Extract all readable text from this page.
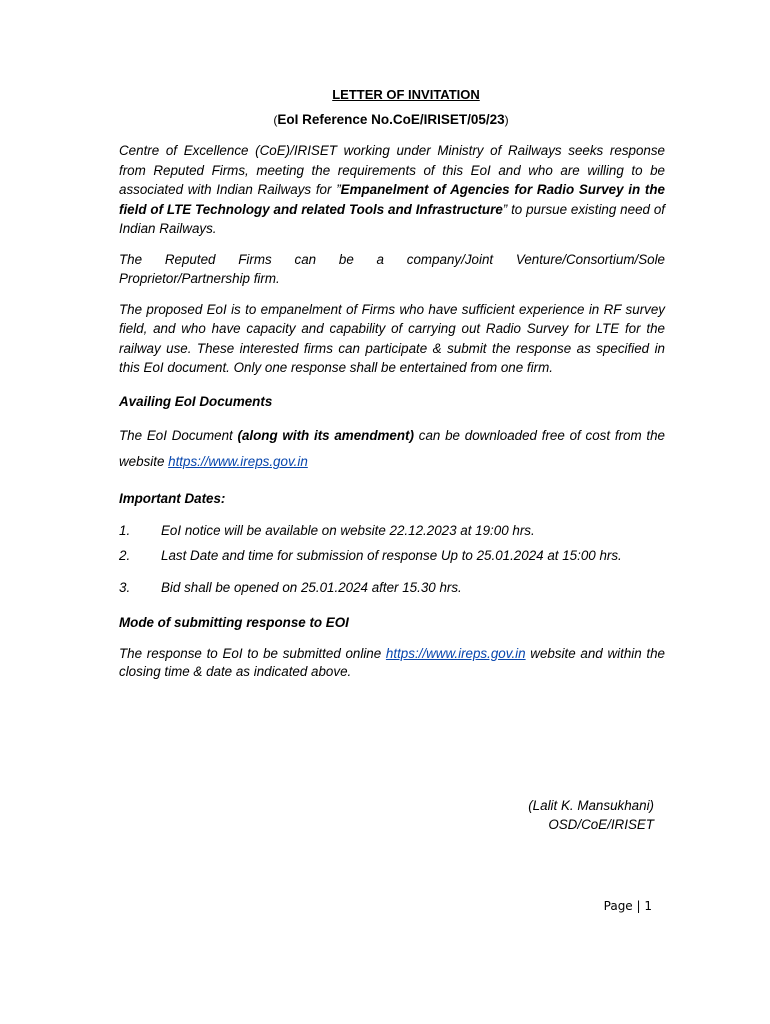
LETTER OF INVITATION
(EoI Reference No.CoE/IRISET/05/23)

Centre of Excellence (CoE)/IRISET working under Ministry of Railways seeks response from Reputed Firms, meeting the requirements of this EoI and who are willing to be associated with Indian Railways for ”Empanelment of Agencies for Radio Survey in the field of LTE Technology and related Tools and Infrastructure” to pursue existing need of Indian Railways.

The Reputed Firms can be a company/Joint Venture/Consortium/Sole Proprietor/Partnership firm.

The proposed EoI is to empanelment of Firms who have sufficient experience in RF survey field, and who have capacity and capability of carrying out Radio Survey for LTE for the railway use. These interested firms can participate & submit the response as specified in this EoI document. Only one response shall be entertained from one firm.

Availing EoI Documents

The EoI Document (along with its amendment) can be downloaded free of cost from the website https://www.ireps.gov.in

Important Dates:
1. EoI notice will be available on website 22.12.2023 at 19:00 hrs.
2. Last Date and time for submission of response Up to 25.01.2024 at 15:00 hrs.
3. Bid shall be opened on 25.01.2024 after 15.30 hrs.
Mode of submitting response to EOI

The response to EoI to be submitted online https://www.ireps.gov.in website and within the closing time & date as indicated above.

(Lalit K. Mansukhani)
OSD/CoE/IRISET
Page | 1
